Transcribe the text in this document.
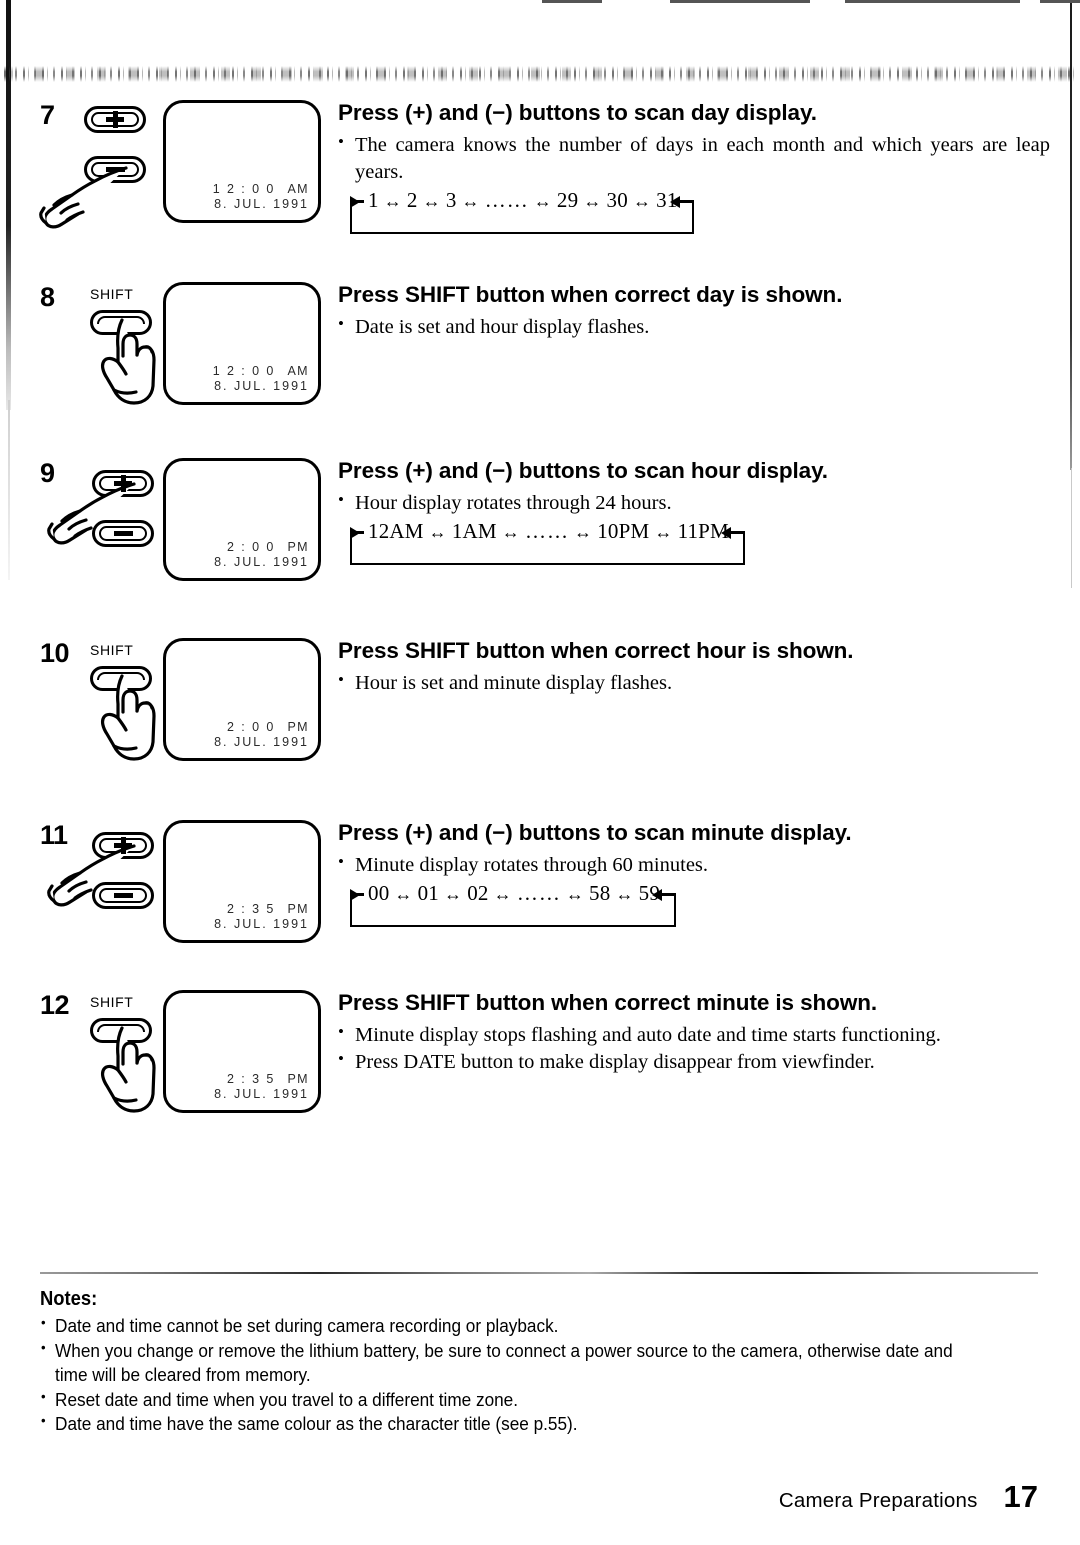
7
1 2 : 0 0 AM
8. JUL. 1991
Press (+) and (−) buttons to scan day display.
• The camera knows the number of days in each month and which years are leap years.
1 ↔ 2 ↔ 3 ↔ …… ↔ 29 ↔ 30 ↔ 31
8	SHIFT
1 2 : 0 0 AM
8. JUL. 1991
Press SHIFT button when correct day is shown.
• Date is set and hour display flashes.
9
2 : 0 0 PM
8. JUL. 1991
Press (+) and (−) buttons to scan hour display.
• Hour display rotates through 24 hours.
12AM ↔ 1AM ↔ …… ↔ 10PM ↔ 11PM
10 SHIFT
2 : 0 0 PM
8. JUL. 1991
Press SHIFT button when correct hour is shown.
• Hour is set and minute display flashes.
11
2 : 3 5 PM
8. JUL. 1991
Press (+) and (−) buttons to scan minute display.
• Minute display rotates through 60 minutes.
00 ↔ 01 ↔ 02 ↔ …… ↔ 58 ↔ 59
12 SHIFT
2 : 3 5 PM
8. JUL. 1991
Press SHIFT button when correct minute is shown.
• Minute display stops flashing and auto date and time starts functioning.
• Press DATE button to make display disappear from viewfinder.
Notes:
• Date and time cannot be set during camera recording or playback.
• When you change or remove the lithium battery, be sure to connect a power source to the camera, otherwise date and time will be cleared from memory.
• Reset date and time when you travel to a different time zone.
• Date and time have the same colour as the character title (see p.55).
Camera Preparations 17
